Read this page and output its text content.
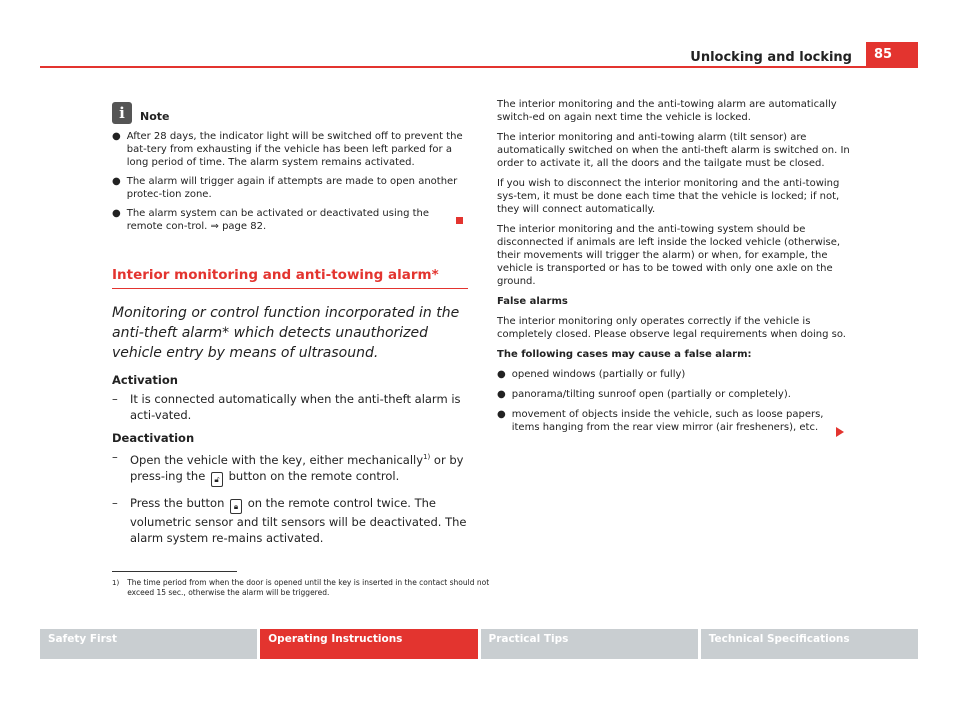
Unlocking and locking	85
i	Note
● After 28 days, the indicator light will be switched off to prevent the bat-tery from exhausting if the vehicle has been left parked for a long period of time. The alarm system remains activated.
● The alarm will trigger again if attempts are made to open another protec-tion zone.
● The alarm system can be activated or deactivated using the remote con-trol. ⇒ page 82.
Interior monitoring and anti-towing alarm*
Monitoring or control function incorporated in the anti-theft alarm* which detects unauthorized vehicle entry by means of ultrasound.
Activation
– It is connected automatically when the anti-theft alarm is acti-vated.
Deactivation
– Open the vehicle with the key, either mechanically$^{1)}$ or by press-ing the 🔓︎ button on the remote control.
– Press the button 🔒︎ on the remote control twice. The volumetric sensor and tilt sensors will be deactivated. The alarm system re-mains activated.

The interior monitoring and the anti-towing alarm are automatically switch-ed on again next time the vehicle is locked.

The interior monitoring and anti-towing alarm (tilt sensor) are automatically switched on when the anti-theft alarm is switched on. In order to activate it, all the doors and the tailgate must be closed.

If you wish to disconnect the interior monitoring and the anti-towing sys-tem, it must be done each time that the vehicle is locked; if not, they will connect automatically.

The interior monitoring and the anti-towing system should be disconnected if animals are left inside the locked vehicle (otherwise, their movements will trigger the alarm) or when, for example, the vehicle is transported or has to be towed with only one axle on the ground.

False alarms

The interior monitoring only operates correctly if the vehicle is completely closed. Please observe legal requirements when doing so.

The following cases may cause a false alarm:

● opened windows (partially or fully)
● panorama/tilting sunroof open (partially or completely).
● movement of objects inside the vehicle, such as loose papers, items hanging from the rear view mirror (air fresheners), etc.
1) The time period from when the door is opened until the key is inserted in the contact should not exceed 15 sec., otherwise the alarm will be triggered.
Safety First	Operating Instructions	Practical Tips	Technical Specifications
